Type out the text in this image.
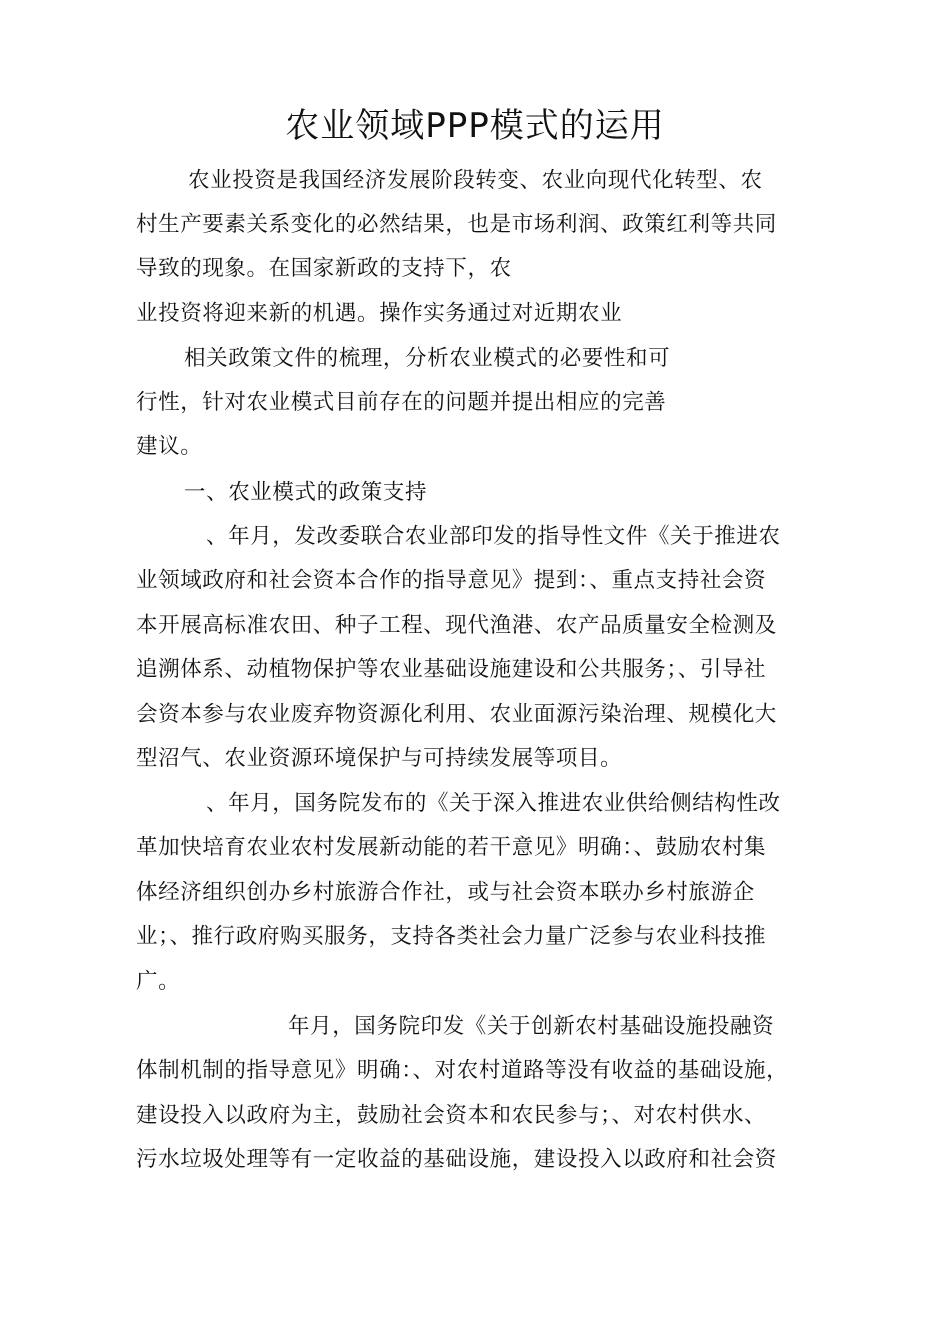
农业领域PPP模式的运用
农业投资是我国经济发展阶段转变、农业向现代化转型、农
村生产要素关系变化的必然结果，也是市场利润、政策红利等共同
导致的现象。在国家新政的支持下，农
业投资将迎来新的机遇。操作实务通过对近期农业
相关政策文件的梳理，分析农业模式的必要性和可
行性，针对农业模式目前存在的问题并提出相应的完善
建议。
一、农业模式的政策支持
、年月，发改委联合农业部印发的指导性文件《关于推进农
业领域政府和社会资本合作的指导意见》提到：、重点支持社会资
本开展高标准农田、种子工程、现代渔港、农产品质量安全检测及
追溯体系、动植物保护等农业基础设施建设和公共服务；、引导社
会资本参与农业废弃物资源化利用、农业面源污染治理、规模化大
型沼气、农业资源环境保护与可持续发展等项目。
、年月，国务院发布的《关于深入推进农业供给侧结构性改
革加快培育农业农村发展新动能的若干意见》明确：、鼓励农村集
体经济组织创办乡村旅游合作社，或与社会资本联办乡村旅游企
业；、推行政府购买服务，支持各类社会力量广泛参与农业科技推
广。
年月，国务院印发《关于创新农村基础设施投融资
体制机制的指导意见》明确：、对农村道路等没有收益的基础设施，
建设投入以政府为主，鼓励社会资本和农民参与；、对农村供水、
污水垃圾处理等有一定收益的基础设施，建设投入以政府和社会资
